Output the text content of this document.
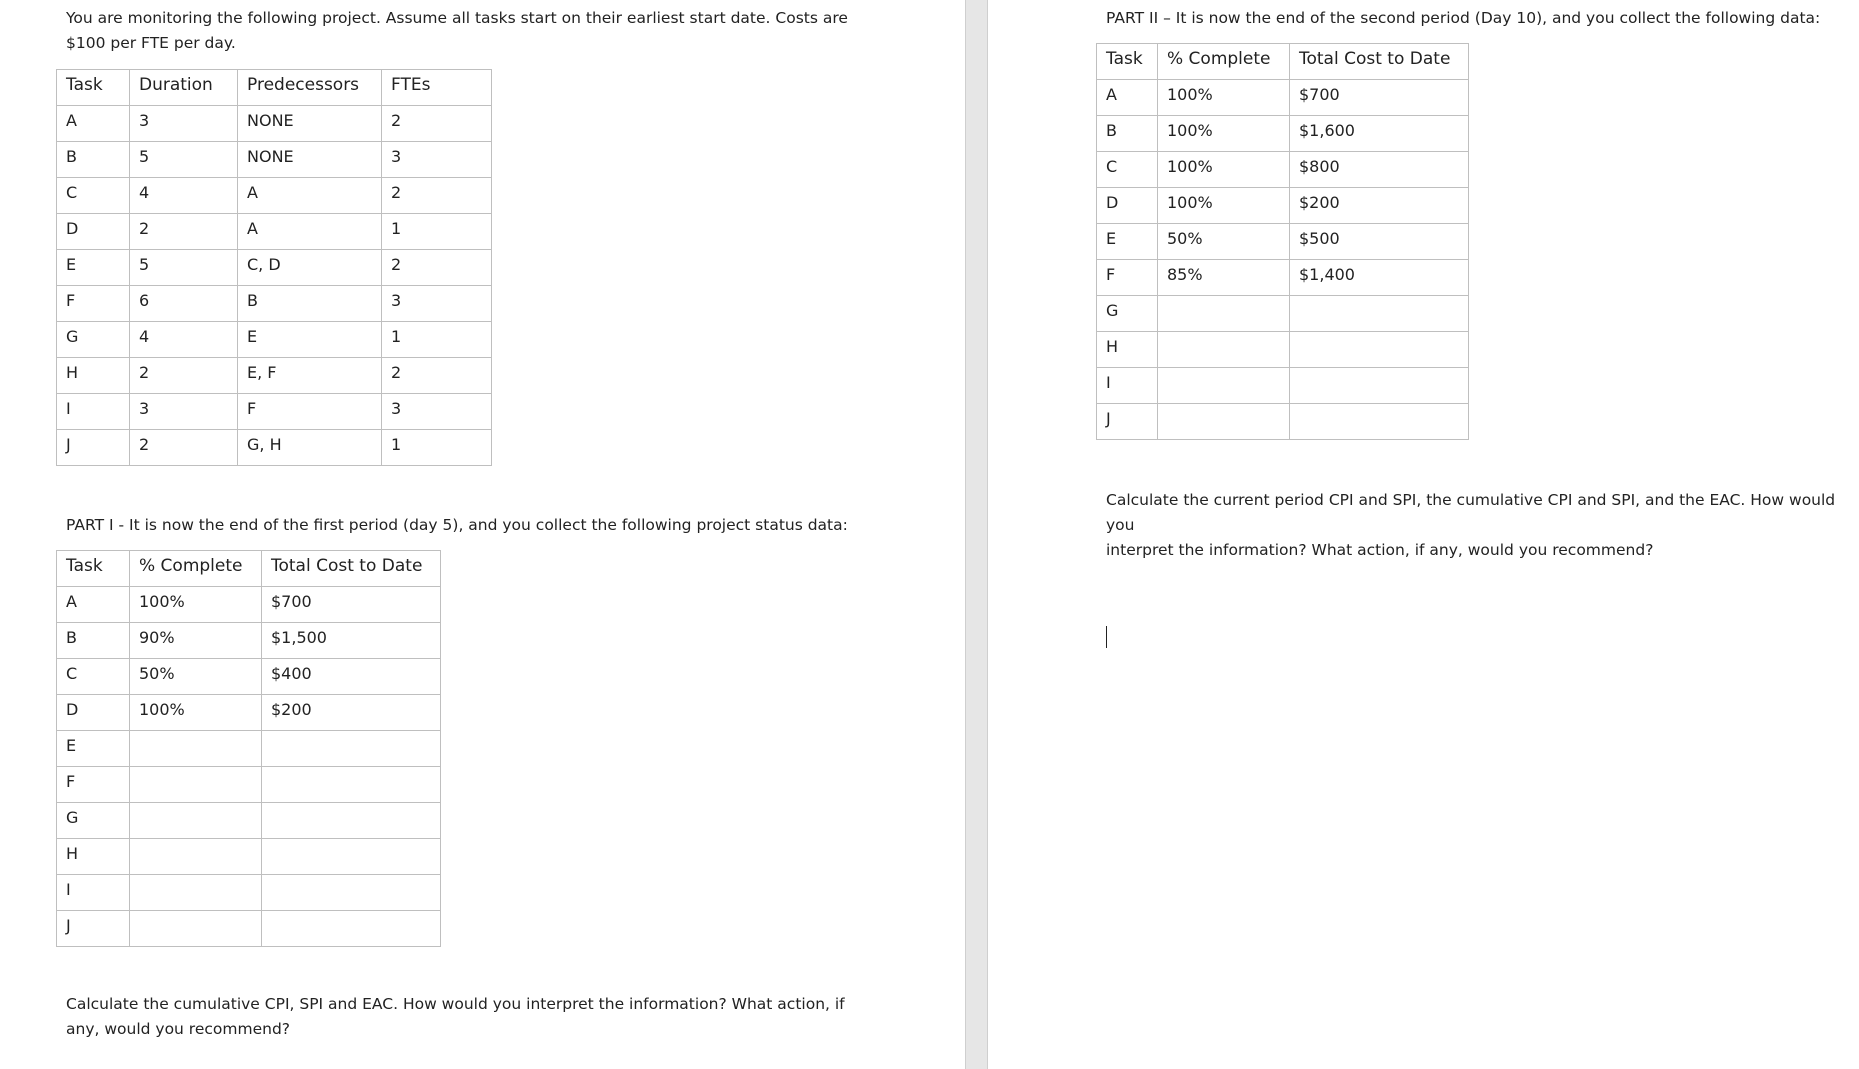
You are monitoring the following project. Assume all tasks start on their earliest start date. Costs are
$100 per FTE per day.

Task	Duration	Predecessors	FTEs
A	3	NONE	2
B	5	NONE	3
C	4	A	2
D	2	A	1
E	5	C, D	2
F	6	B	3
G	4	E	1
H	2	E, F	2
I	3	F	3
J	2	G, H	1

PART I - It is now the end of the first period (day 5), and you collect the following project status data:

Task	% Complete	Total Cost to Date
A	100%	$700
B	90%	$1,500
C	50%	$400
D	100%	$200
E		
F		
G		
H		
I		
J		

Calculate the cumulative CPI, SPI and EAC. How would you interpret the information? What action, if
any, would you recommend?

PART II – It is now the end of the second period (Day 10), and you collect the following data:

Task	% Complete	Total Cost to Date
A	100%	$700
B	100%	$1,600
C	100%	$800
D	100%	$200
E	50%	$500
F	85%	$1,400
G		
H		
I		
J		

Calculate the current period CPI and SPI, the cumulative CPI and SPI, and the EAC. How would you
interpret the information? What action, if any, would you recommend?
